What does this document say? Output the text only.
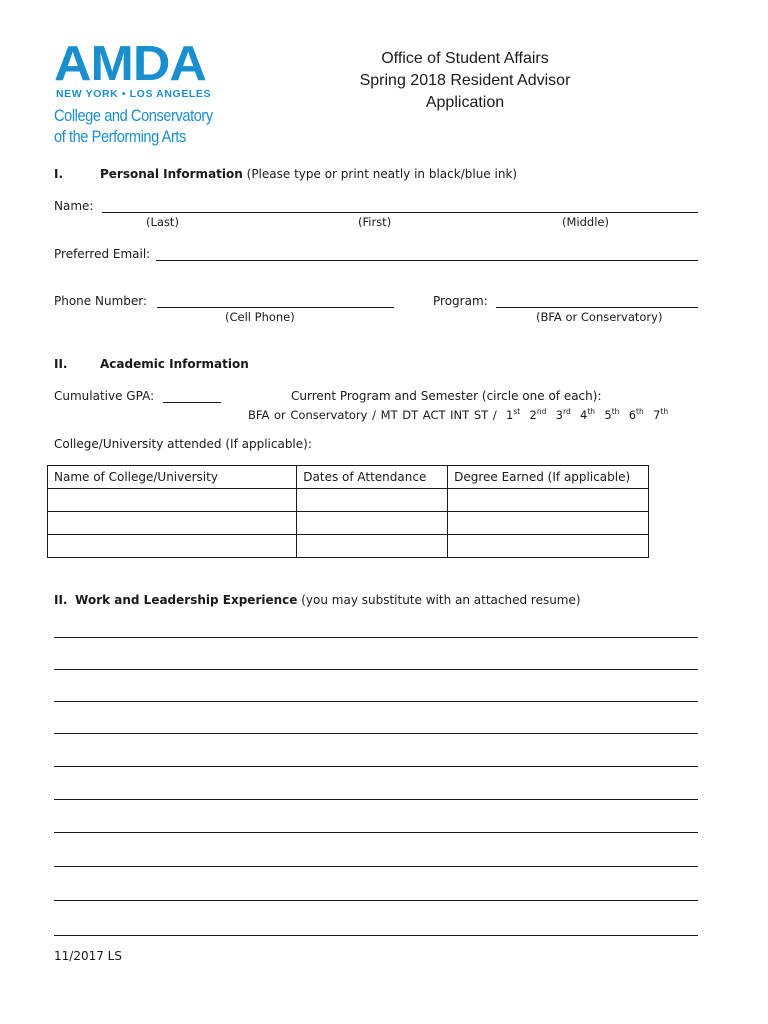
AMDA
NEW YORK • LOS ANGELES
College and Conservatory
of the Performing Arts
Office of Student Affairs
Spring 2018 Resident Advisor
Application
I.	Personal Information (Please type or print neatly in black/blue ink)
Name:
(Last)	(First)	(Middle)
Preferred Email:
Phone Number:
(Cell Phone)
Program:
(BFA or Conservatory)
II.	Academic Information
Cumulative GPA:	Current Program and Semester (circle one of each):
BFA or Conservatory / MT DT ACT INT ST / 1st 2nd 3rd 4th 5th 6th 7th
College/University attended (If applicable):
Name of College/University	Dates of Attendance	Degree Earned (If applicable)

II. Work and Leadership Experience (you may substitute with an attached resume)
11/2017 LS
